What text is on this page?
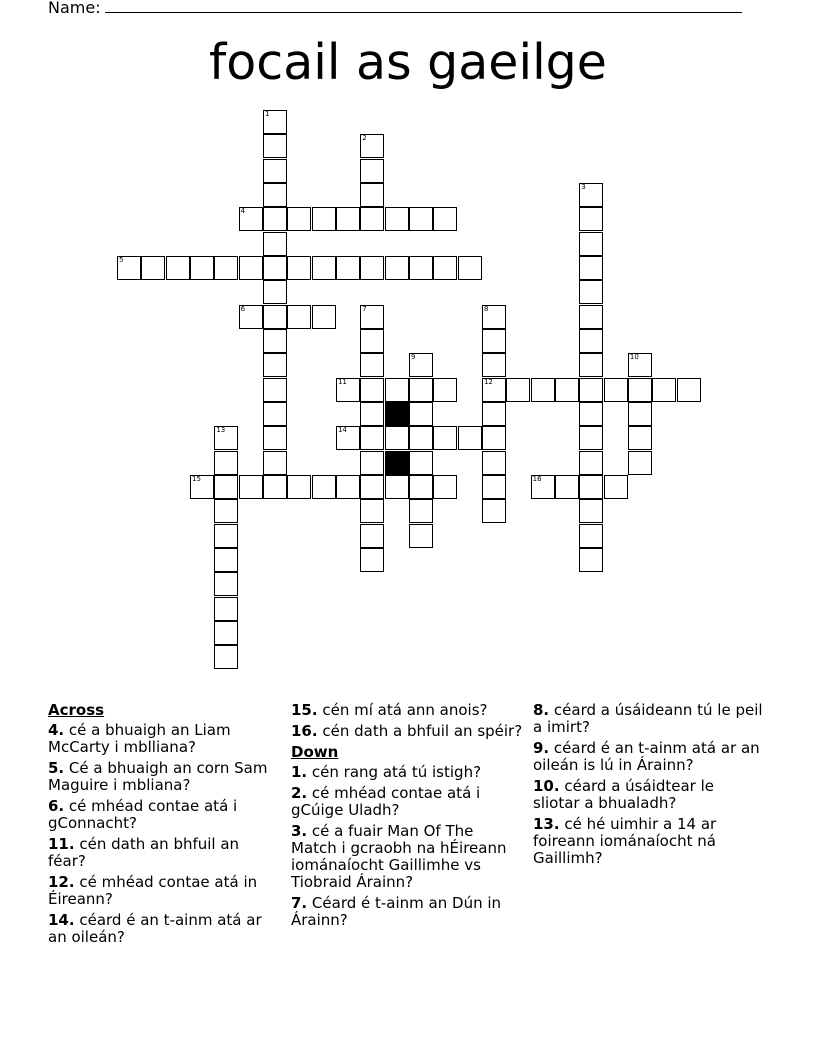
Name:
focail as gaeilge
1
2
3
4
5
6	7	8
12
9	10
11
13	14
15	16
Across
4. cé a bhuaigh an Liam McCarty i mblliana?
5. Cé a bhuaigh an corn Sam Maguire i mbliana?
6. cé mhéad contae atá i gConnacht?
11. cén dath an bhfuil an féar?
12. cé mhéad contae atá in Éireann?
14. céard é an t-ainm atá ar an oileán?
15. cén mí atá ann anois?
16. cén dath a bhfuil an spéir?
Down
1. cén rang atá tú istigh?
2. cé mhéad contae atá i gCúige Uladh?
3. cé a fuair Man Of The Match i gcraobh na hÉireann iománaíocht Gaillimhe vs Tiobraid Árainn?
7. Céard é t-ainm an Dún in Árainn?
8. céard a úsáideann tú le peil a imirt?
9. céard é an t-ainm atá ar an oileán is lú in Árainn?
10. céard a úsáidtear le sliotar a bhualadh?
13. cé hé uimhir a 14 ar foireann iománaíocht ná Gaillimh?
